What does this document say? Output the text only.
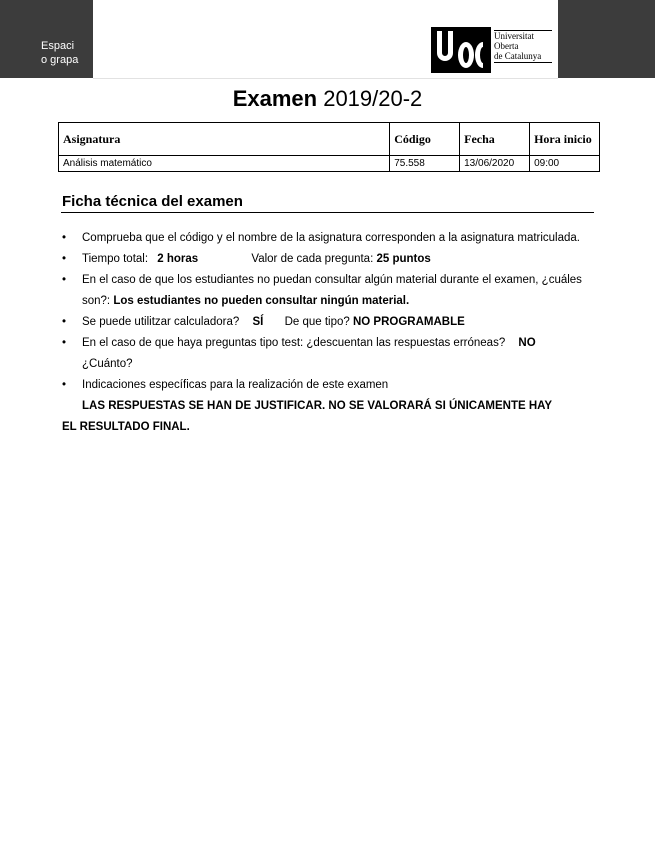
Espaci
o grapa
Universitat
Oberta
de Catalunya
Examen 2019/20-2
Asignatura	Código	Fecha	Hora inicio
Análisis matemático	75.558	13/06/2020	09:00
Ficha técnica del examen
•	Comprueba que el código y el nombre de la asignatura corresponden a la asignatura matriculada.
•	Tiempo total: 2 horas	Valor de cada pregunta: 25 puntos
•	En el caso de que los estudiantes no puedan consultar algún material durante el examen, ¿cuáles son?: Los estudiantes no pueden consultar ningún material.
•	Se puede utilitzar calculadora? SÍ De que tipo? NO PROGRAMABLE
•	En el caso de que haya preguntas tipo test: ¿descuentan las respuestas erróneas? NO
¿Cuánto?
•	Indicaciones específicas para la realización de este examen
LAS RESPUESTAS SE HAN DE JUSTIFICAR. NO SE VALORARÁ SI ÚNICAMENTE HAY
EL RESULTADO FINAL.
